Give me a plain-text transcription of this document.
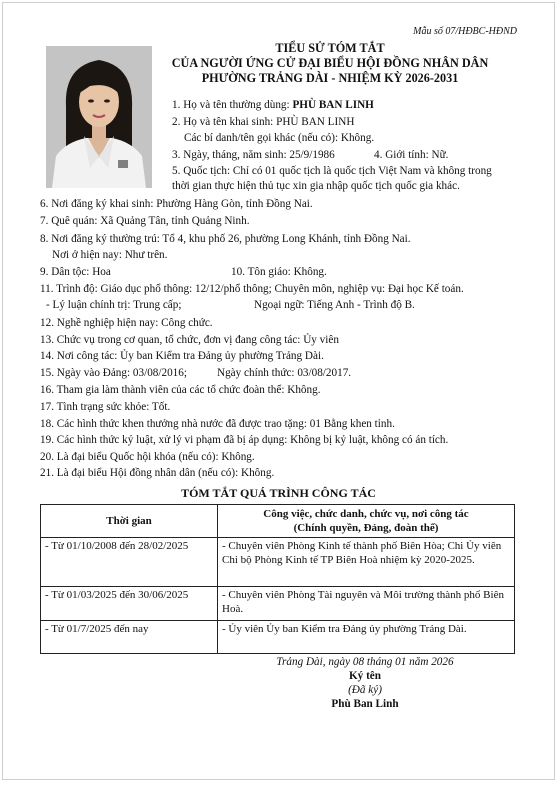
Mẫu số 07/HĐBC-HĐND
TIỂU SỬ TÓM TẮT
CỦA NGƯỜI ỨNG CỬ ĐẠI BIỂU HỘI ĐỒNG NHÂN DÂN
PHƯỜNG TRẢNG DÀI - NHIỆM KỲ 2026-2031
1. Họ và tên thường dùng: PHÙ BAN LINH
2. Họ và tên khai sinh: PHÙ BAN LINH
Các bí danh/tên gọi khác (nếu có): Không.
3. Ngày, tháng, năm sinh: 25/9/1986	4. Giới tính: Nữ.
5. Quốc tịch: Chỉ có 01 quốc tịch là quốc tịch Việt Nam và không trong
thời gian thực hiện thủ tục xin gia nhập quốc tịch quốc gia khác.
6. Nơi đăng ký khai sinh: Phường Hàng Gòn, tỉnh Đồng Nai.
7. Quê quán: Xã Quảng Tân, tỉnh Quảng Ninh.
8. Nơi đăng ký thường trú: Tổ 4, khu phố 26, phường Long Khánh, tỉnh Đồng Nai.
Nơi ở hiện nay: Như trên.
9. Dân tộc: Hoa	10. Tôn giáo: Không.
11. Trình độ: Giáo dục phổ thông: 12/12/phổ thông; Chuyên môn, nghiệp vụ: Đại học Kế toán.
- Lý luận chính trị: Trung cấp;	Ngoại ngữ: Tiếng Anh - Trình độ B.
12. Nghề nghiệp hiện nay: Công chức.
13. Chức vụ trong cơ quan, tổ chức, đơn vị đang công tác: Ủy viên
14. Nơi công tác: Ủy ban Kiểm tra Đảng ủy phường Trảng Dài.
15. Ngày vào Đảng: 03/08/2016;	Ngày chính thức: 03/08/2017.
16. Tham gia làm thành viên của các tổ chức đoàn thể: Không.
17. Tình trạng sức khỏe: Tốt.
18. Các hình thức khen thưởng nhà nước đã được trao tặng: 01 Bằng khen tỉnh.
19. Các hình thức kỷ luật, xử lý vi phạm đã bị áp dụng: Không bị kỷ luật, không có án tích.
20. Là đại biểu Quốc hội khóa (nếu có): Không.
21. Là đại biểu Hội đồng nhân dân (nếu có): Không.
TÓM TẮT QUÁ TRÌNH CÔNG TÁC
Thời gian	Công việc, chức danh, chức vụ, nơi công tác
(Chính quyền, Đảng, đoàn thể)

- Từ 01/10/2008 đến 28/02/2025	- Chuyên viên Phòng Kinh tế thành phố Biên Hòa; Chi Ủy viên Chi bộ Phòng Kinh tế TP Biên Hoà nhiệm kỳ 2020-2025.
- Từ 01/03/2025 đến 30/06/2025	- Chuyên viên Phòng Tài nguyên và Môi trường thành phố Biên Hoà.
- Từ 01/7/2025 đến nay	- Ủy viên Ủy ban Kiểm tra Đảng ủy phường Trảng Dài.
Trảng Dài, ngày 08 tháng 01 năm 2026
Ký tên
(Đã ký)
Phù Ban Linh
